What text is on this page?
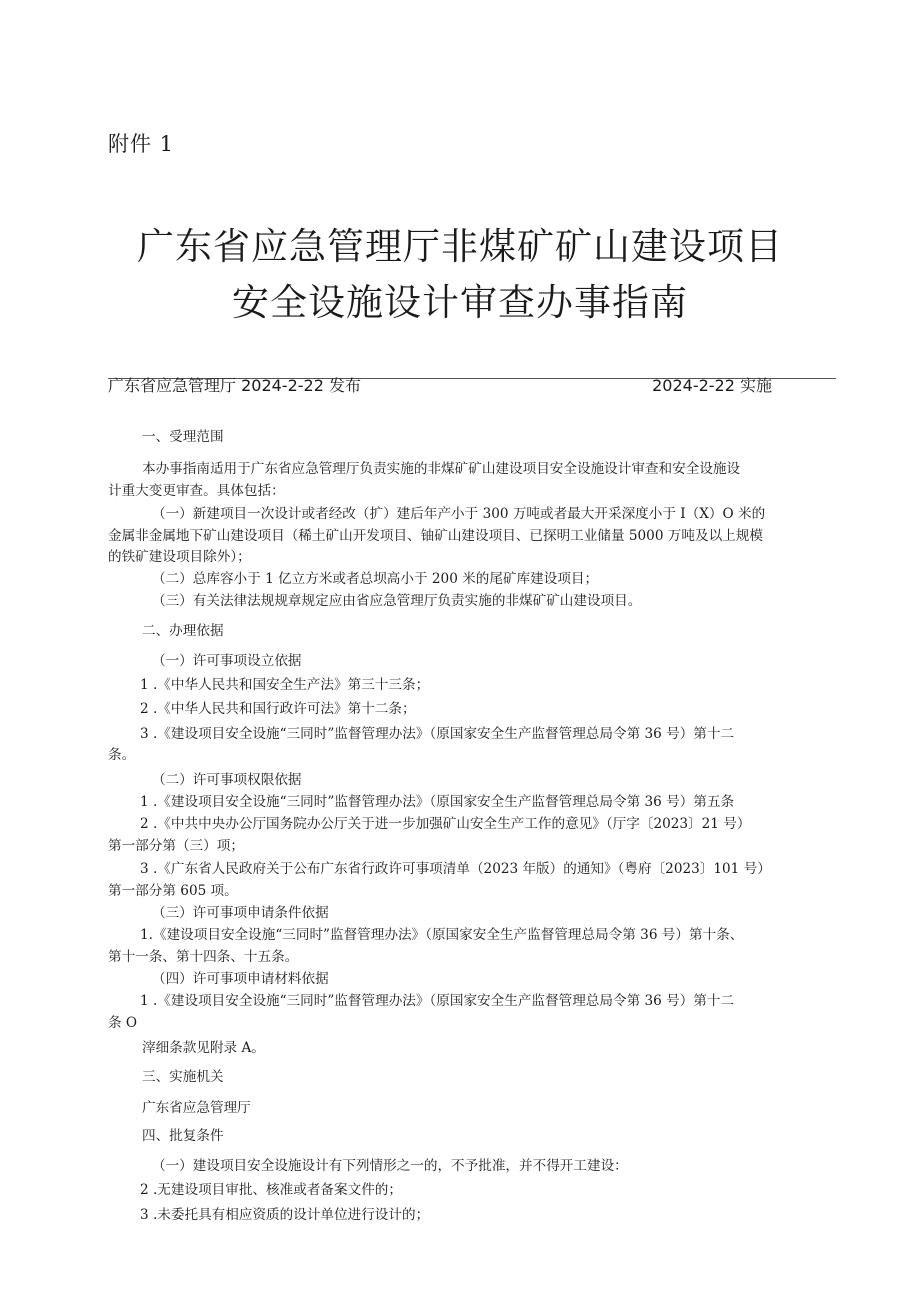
附件 1
广东省应急管理厅非煤矿矿山建设项目
安全设施设计审查办事指南
广东省应急管理厅 2024-2-22 发布	2024-2-22 实施
一、受理范围
本办事指南适用于广东省应急管理厅负责实施的非煤矿矿山建设项目安全设施设计审查和安全设施设
计重大变更审查。具体包括：
（一）新建项目一次设计或者经改（扩）建后年产小于 300 万吨或者最大开采深度小于 I（X）O 米的
金属非金属地下矿山建设项目（稀土矿山开发项目、铀矿山建设项目、已探明工业储量 5000 万吨及以上规模
的铁矿建设项目除外）；
（二）总库容小于 1 亿立方米或者总坝高小于 200 米的尾矿库建设项目；
（三）有关法律法规规章规定应由省应急管理厅负责实施的非煤矿矿山建设项目。
二、办理依据
（一）许可事项设立依据
1 .《中华人民共和国安全生产法》第三十三条；
2 .《中华人民共和国行政许可法》第十二条；
3 .《建设项目安全设施“三同时”监督管理办法》（原国家安全生产监督管理总局令第 36 号）第十二
条。
（二）许可事项权限依据
1 .《建设项目安全设施“三同时”监督管理办法》（原国家安全生产监督管理总局令第 36 号）第五条
2 .《中共中央办公厅国务院办公厅关于进一步加强矿山安全生产工作的意见》（厅字〔2023〕21 号）
第一部分第（三）项；
3 .《广东省人民政府关于公布广东省行政许可事项清单（2023 年版）的通知》（粤府〔2023〕101 号）
第一部分第 605 项。
（三）许可事项申请条件依据
1.《建设项目安全设施“三同时”监督管理办法》（原国家安全生产监督管理总局令第 36 号）第十条、
第十一条、第十四条、十五条。
（四）许可事项申请材料依据
1 .《建设项目安全设施“三同时”监督管理办法》（原国家安全生产监督管理总局令第 36 号）第十二
条 O
滓细条款见附录 A。
三、实施机关
广东省应急管理厅
四、批复条件
（一）建设项目安全设施设计有下列情形之一的，不予批准，并不得开工建设：
2 .无建设项目审批、核准或者备案文件的；
3 .未委托具有相应资质的设计单位进行设计的；
